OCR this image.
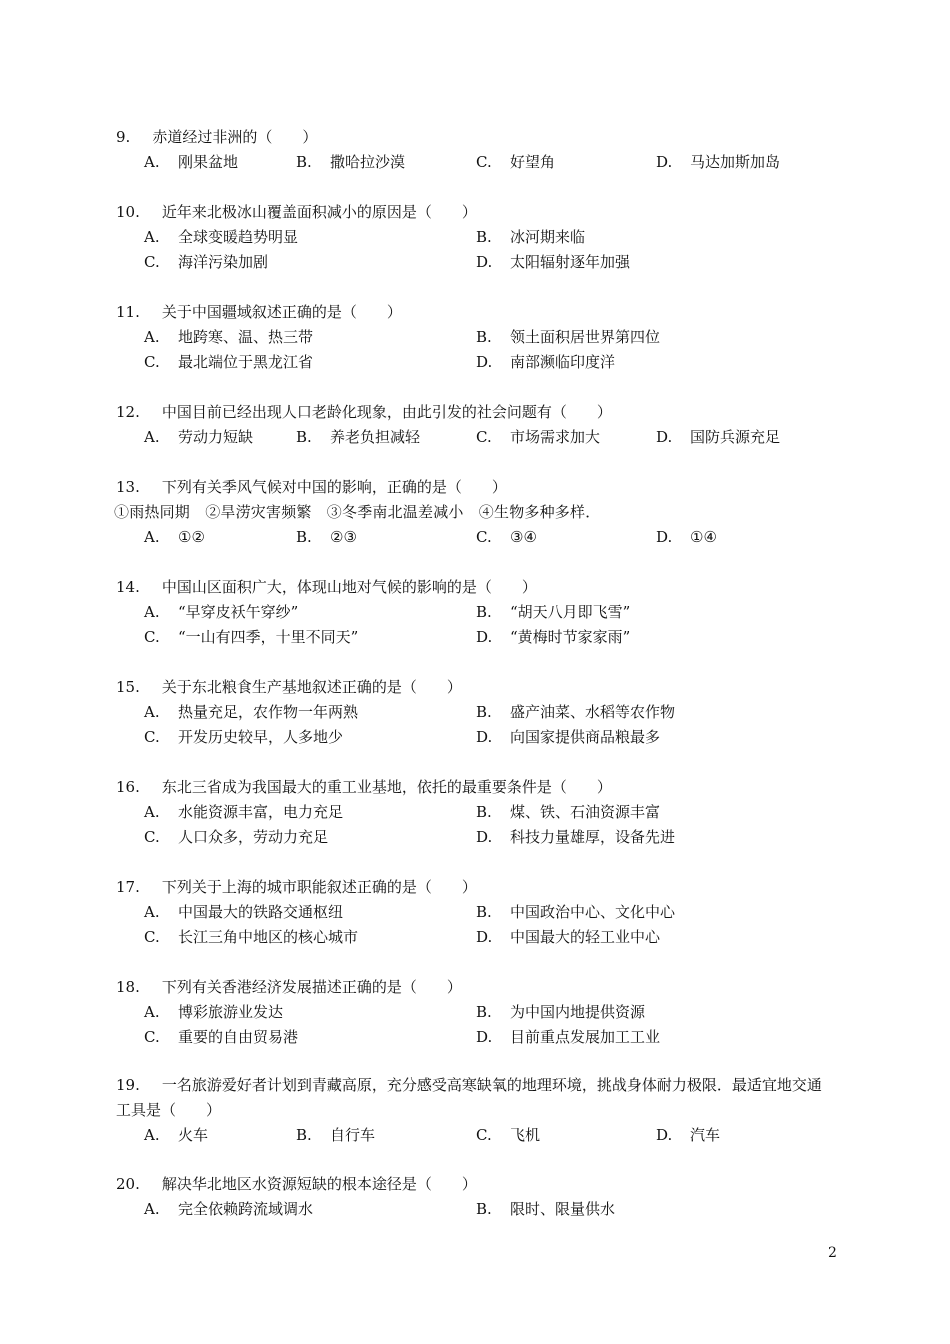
9. 赤道经过非洲的（　　）
A. 刚果盆地	B. 撒哈拉沙漠	C. 好望角	D. 马达加斯加岛
10. 近年来北极冰山覆盖面积减小的原因是（　　）
A. 全球变暖趋势明显	B. 冰河期来临
C. 海洋污染加剧	D. 太阳辐射逐年加强
11. 关于中国疆域叙述正确的是（　　）
A. 地跨寒、温、热三带	B. 领土面积居世界第四位
C. 最北端位于黑龙江省	D. 南部濒临印度洋
12. 中国目前已经出现人口老龄化现象，由此引发的社会问题有（　　）
A. 劳动力短缺	B. 养老负担减轻	C. 市场需求加大	D. 国防兵源充足
13. 下列有关季风气候对中国的影响，正确的是（　　）
①雨热同期　②旱涝灾害频繁　③冬季南北温差减小　④生物多种多样．
A. ①②	B. ②③	C. ③④	D. ①④
14. 中国山区面积广大，体现山地对气候的影响的是（　　）
A. “早穿皮袄午穿纱”	B. “胡天八月即飞雪”
C. “一山有四季，十里不同天”	D. “黄梅时节家家雨”
15. 关于东北粮食生产基地叙述正确的是（　　）
A. 热量充足，农作物一年两熟	B. 盛产油菜、水稻等农作物
C. 开发历史较早，人多地少	D. 向国家提供商品粮最多
16. 东北三省成为我国最大的重工业基地，依托的最重要条件是（　　）
A. 水能资源丰富，电力充足	B. 煤、铁、石油资源丰富
C. 人口众多，劳动力充足	D. 科技力量雄厚，设备先进
17. 下列关于上海的城市职能叙述正确的是（　　）
A. 中国最大的铁路交通枢纽	B. 中国政治中心、文化中心
C. 长江三角中地区的核心城市	D. 中国最大的轻工业中心
18. 下列有关香港经济发展描述正确的是（　　）
A. 博彩旅游业发达	B. 为中国内地提供资源
C. 重要的自由贸易港	D. 目前重点发展加工工业
19. 一名旅游爱好者计划到青藏高原，充分感受高寒缺氧的地理环境，挑战身体耐力极限．最适宜地交通工具是（　　）
A. 火车	B. 自行车	C. 飞机	D. 汽车
20. 解决华北地区水资源短缺的根本途径是（　　）
A. 完全依赖跨流域调水	B. 限时、限量供水
2
